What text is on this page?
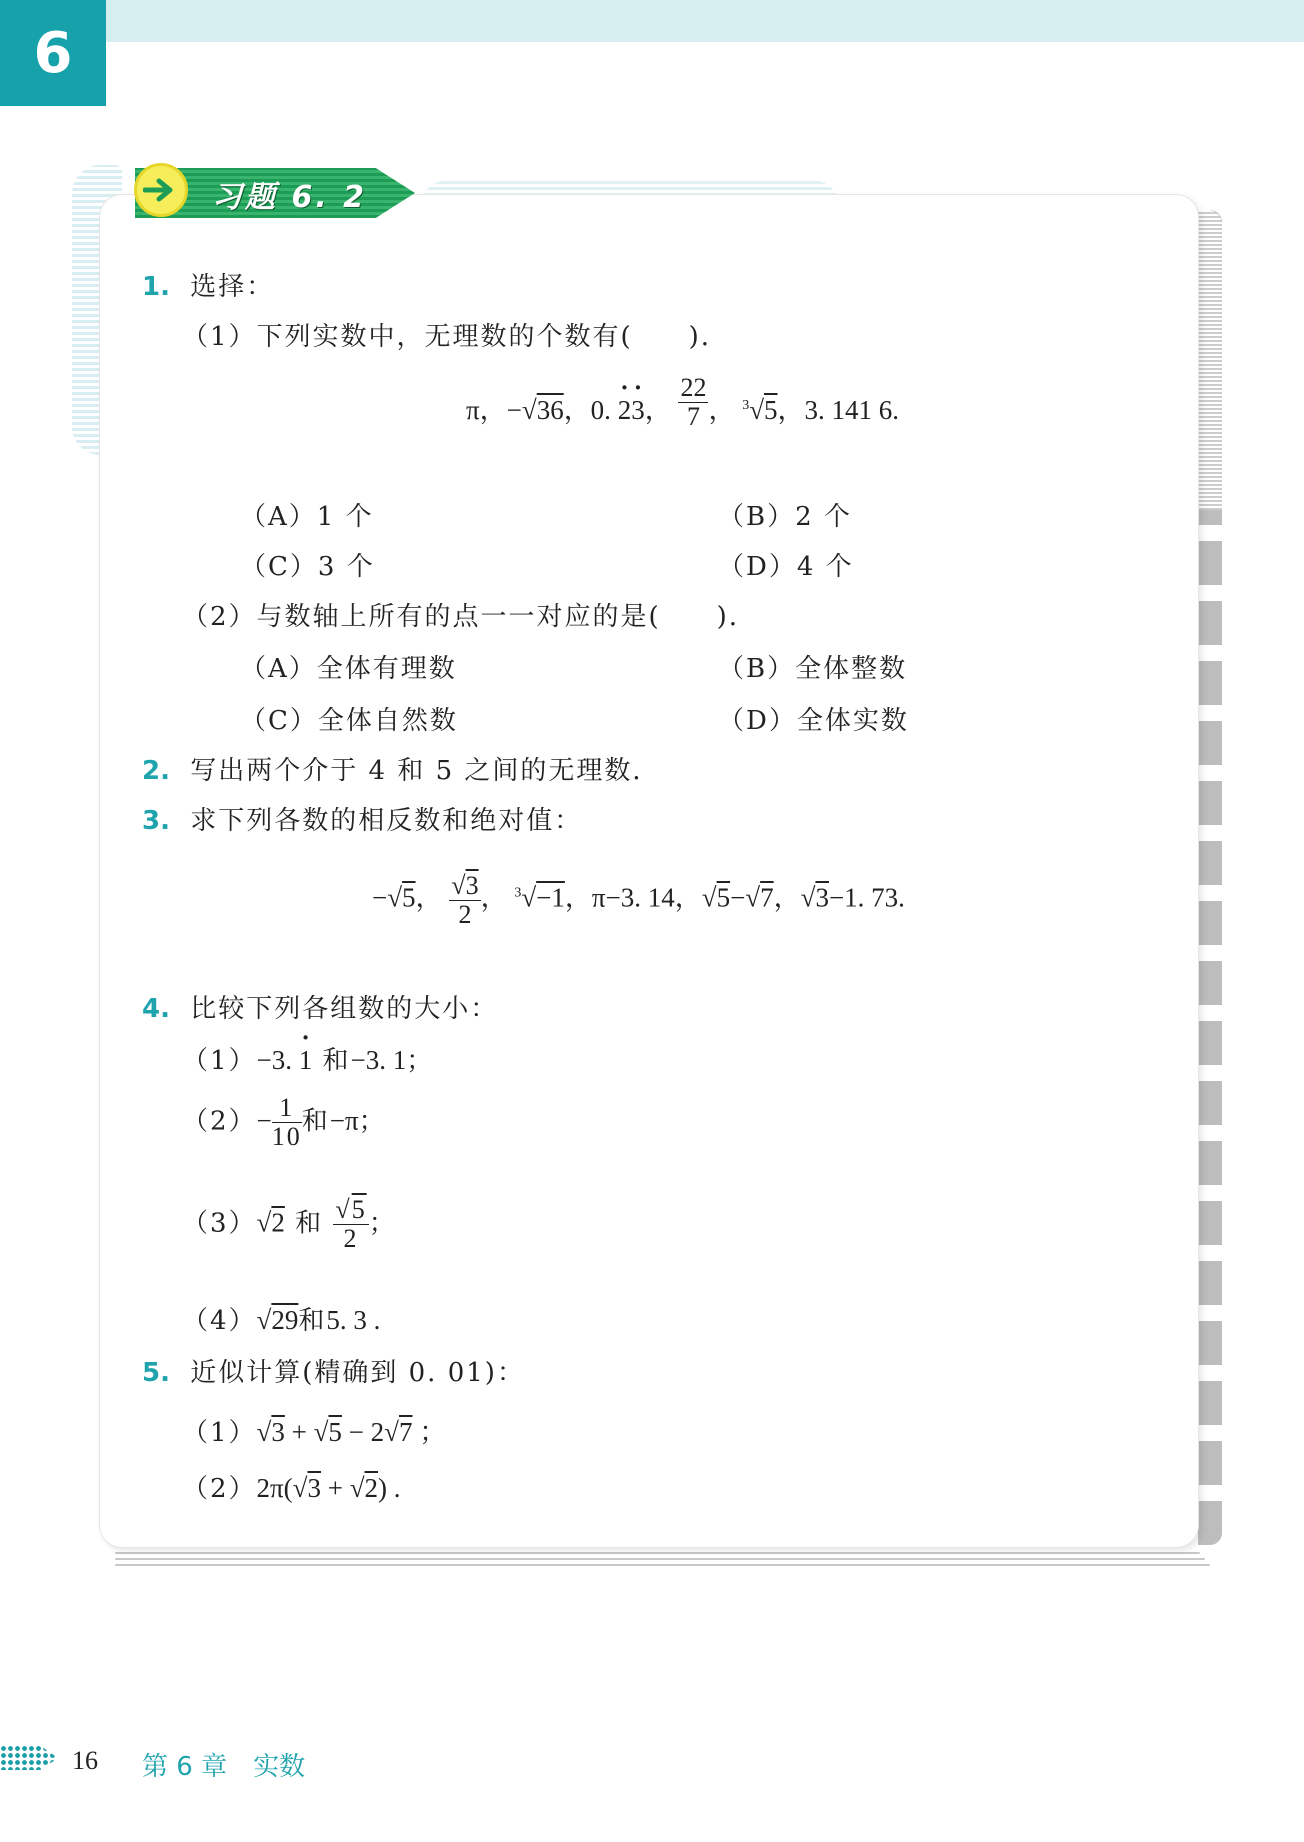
6
习题 6. 2
1. 选择：
（1）下列实数中，无理数的个数有(　　)．
π，−√36，0. · 2· 3， $\frac{22}{7}$ ， $^3$√5，3. 141 6.
（A）1 个	（B）2 个
（C）3 个	（D）4 个
（2）与数轴上所有的点一一对应的是(　　)．
（A）全体有理数	（B）全体整数
（C）全体自然数	（D）全体实数
2. 写出两个介于 4 和 5 之间的无理数．
3. 求下列各数的相反数和绝对值：
−√5， $\frac{√3}{2}$ ， $^3$√−1，π−3. 14，√5−√7，√3−1. 73.
4. 比较下列各组数的大小：
（1）−3. · 1 和−3. 1；
$(2)- \frac{1}{10}$ 和−π；
（3）√2 和 $\frac{√5}{2}$ ；
（4）√29和5. 3 .
5. 近似计算(精确到 0. 01)：
（1）√3 + √5 − 2√7 ；
（2）2π(√3 + √2) .
16 第 6 章　实数
